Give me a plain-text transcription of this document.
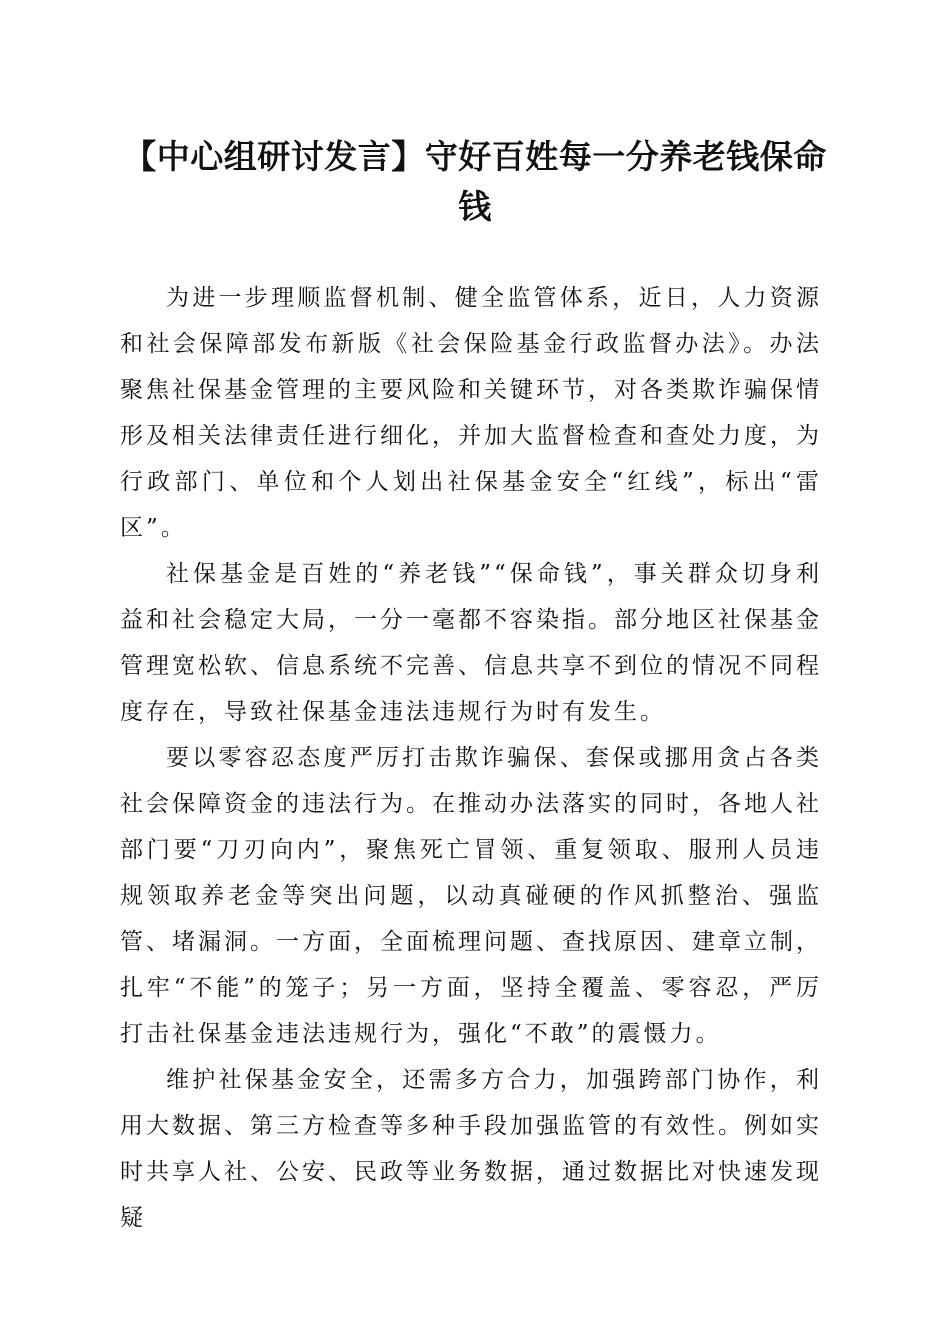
【中心组研讨发言】守好百姓每一分养老钱保命钱

为进一步理顺监督机制、健全监管体系，近日，人力资源和社会保障部发布新版《社会保险基金行政监督办法》。办法聚焦社保基金管理的主要风险和关键环节，对各类欺诈骗保情形及相关法律责任进行细化，并加大监督检查和查处力度，为行政部门、单位和个人划出社保基金安全“红线”，标出“雷区”。

社保基金是百姓的“养老钱”“保命钱”，事关群众切身利益和社会稳定大局，一分一毫都不容染指。部分地区社保基金管理宽松软、信息系统不完善、信息共享不到位的情况不同程度存在，导致社保基金违法违规行为时有发生。

要以零容忍态度严厉打击欺诈骗保、套保或挪用贪占各类社会保障资金的违法行为。在推动办法落实的同时，各地人社部门要“刀刃向内”，聚焦死亡冒领、重复领取、服刑人员违规领取养老金等突出问题，以动真碰硬的作风抓整治、强监管、堵漏洞。一方面，全面梳理问题、查找原因、建章立制，扎牢“不能”的笼子；另一方面，坚持全覆盖、零容忍，严厉打击社保基金违法违规行为，强化“不敢”的震慑力。

维护社保基金安全，还需多方合力，加强跨部门协作，利用大数据、第三方检查等多种手段加强监管的有效性。例如实时共享人社、公安、民政等业务数据，通过数据比对快速发现疑
